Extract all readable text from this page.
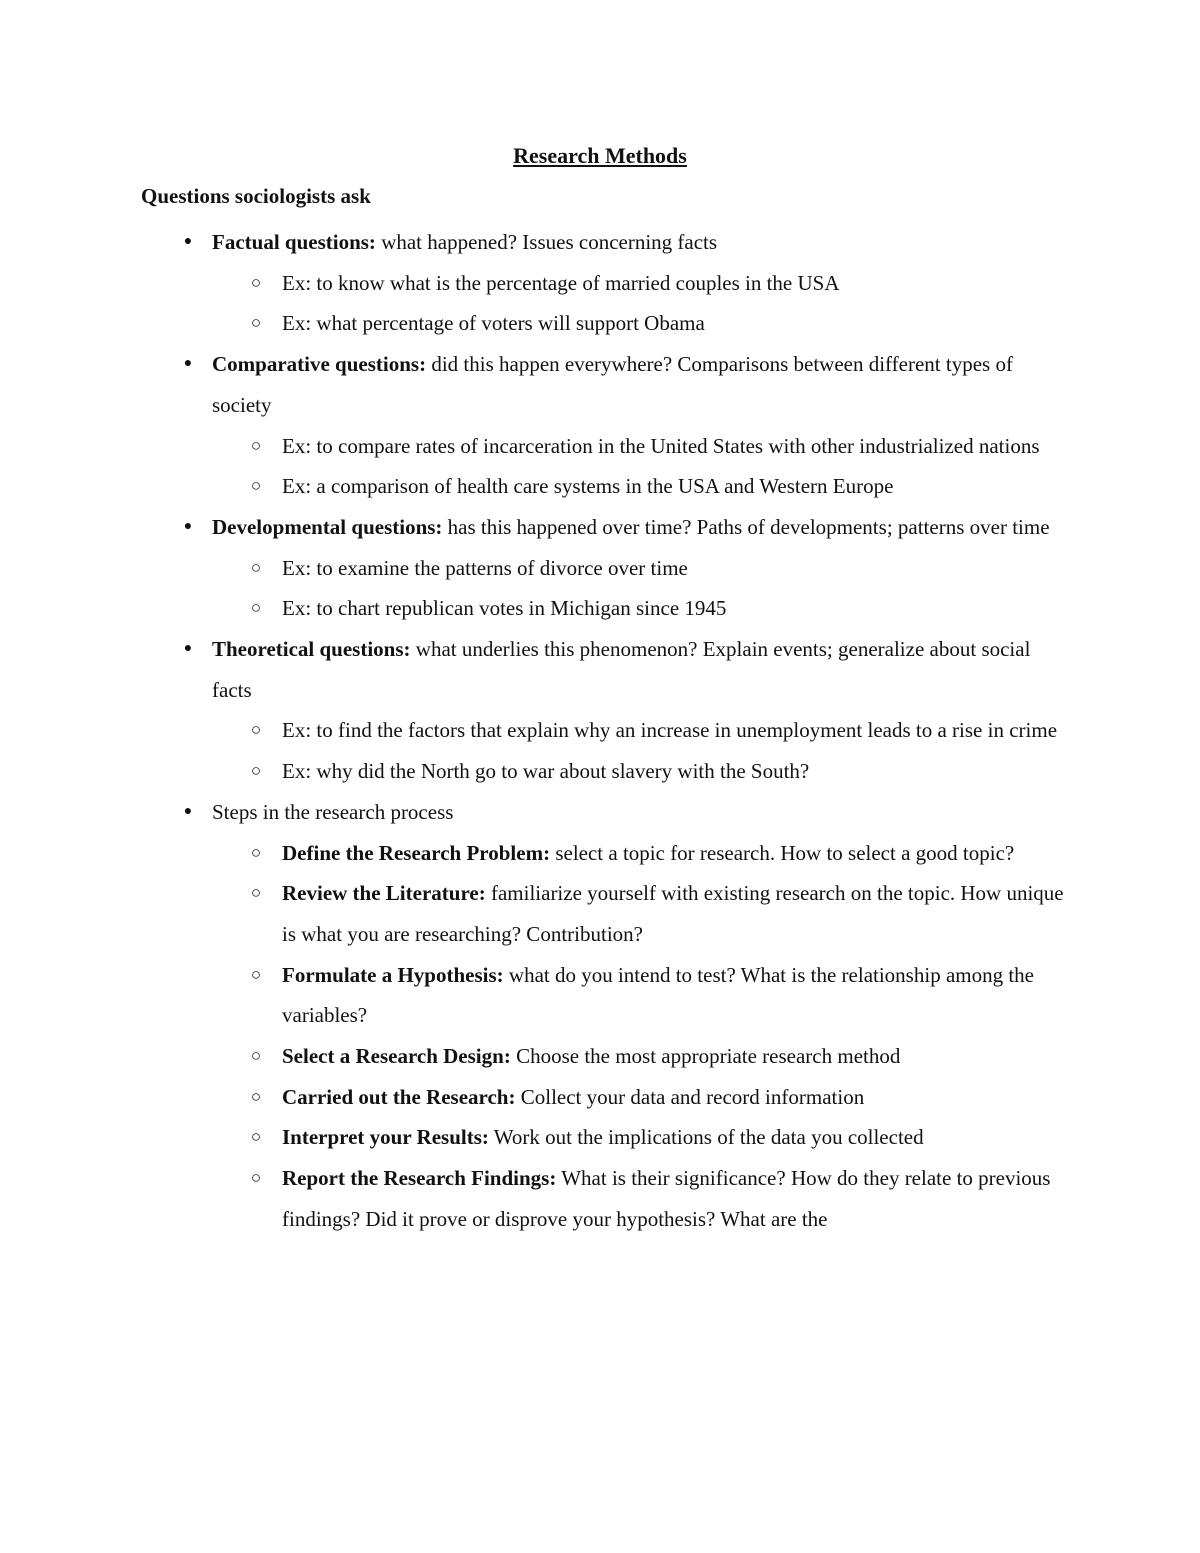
Research Methods
Questions sociologists ask
● Factual questions: what happened? Issues concerning facts
○ Ex: to know what is the percentage of married couples in the USA
○ Ex: what percentage of voters will support Obama
● Comparative questions: did this happen everywhere? Comparisons between different types of society
○ Ex: to compare rates of incarceration in the United States with other industrialized nations
○ Ex: a comparison of health care systems in the USA and Western Europe
● Developmental questions: has this happened over time? Paths of developments; patterns over time
○ Ex: to examine the patterns of divorce over time
○ Ex: to chart republican votes in Michigan since 1945
● Theoretical questions: what underlies this phenomenon? Explain events; generalize about social facts
○ Ex: to find the factors that explain why an increase in unemployment leads to a rise in crime
○ Ex: why did the North go to war about slavery with the South?
● Steps in the research process
○ Define the Research Problem: select a topic for research. How to select a good topic?
○ Review the Literature: familiarize yourself with existing research on the topic. How unique is what you are researching? Contribution?
○ Formulate a Hypothesis: what do you intend to test? What is the relationship among the variables?
○ Select a Research Design: Choose the most appropriate research method
○ Carried out the Research: Collect your data and record information
○ Interpret your Results: Work out the implications of the data you collected
○ Report the Research Findings: What is their significance? How do they relate to previous findings? Did it prove or disprove your hypothesis? What are the
